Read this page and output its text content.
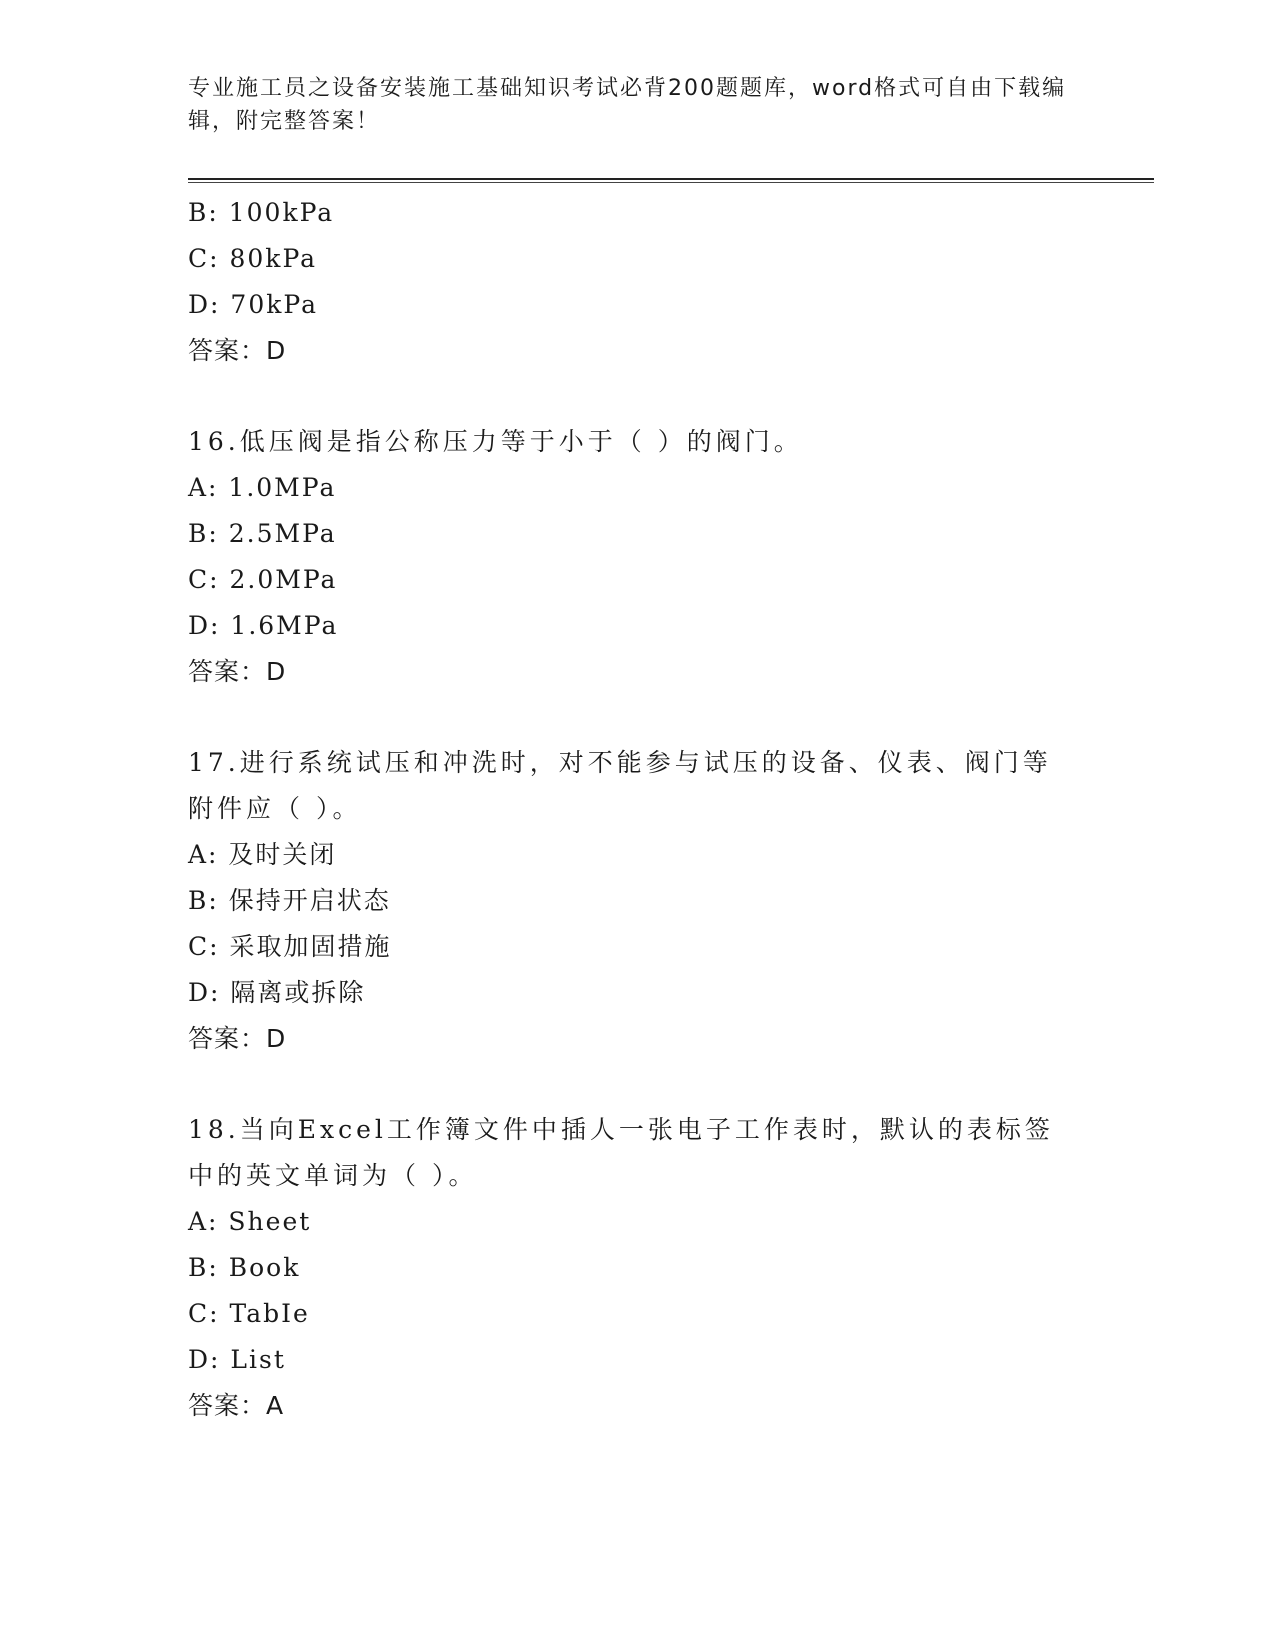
专业施工员之设备安装施工基础知识考试必背200题题库，word格式可自由下载编辑，附完整答案！
B: 100kPa
C: 80kPa
D: 70kPa
答案：D
16.低压阀是指公称压力等于小于（ ）的阀门。
A: 1.0MPa
B: 2.5MPa
C: 2.0MPa
D: 1.6MPa
答案：D
17.进行系统试压和冲洗时，对不能参与试压的设备、仪表、阀门等附件应（ ）。
A: 及时关闭
B: 保持开启状态
C: 采取加固措施
D: 隔离或拆除
答案：D
18.当向Excel工作簿文件中插人一张电子工作表时，默认的表标签中的英文单词为（ ）。
A: Sheet
B: Book
C: TabIe
D: List
答案：A
